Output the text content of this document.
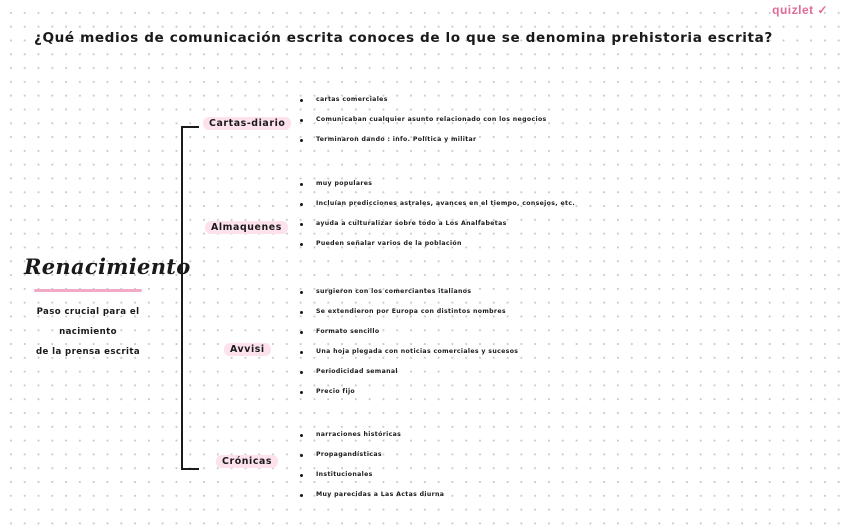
quizlet ✓
¿Qué medios de comunicación escrita conoces de lo que se denomina prehistoria escrita?
Renacimiento
Paso crucial para el
nacimiento
de la prensa escrita
Cartas-diario
cartas comerciales
Comunicaban cualquier asunto relacionado con los negocios
Terminaron dando : info. Política y militar
Almaquenes
muy populares
Incluían predicciones astrales, avances en el tiempo, consejos, etc.
ayuda a culturalizar sobre todo a Los Analfabetas
Pueden señalar varios de la población
Avvisi
surgieron con los comerciantes italianos
Se extendieron por Europa con distintos nombres
Formato sencillo
Una hoja plegada con noticias comerciales y sucesos
Periodicidad semanal
Precio fijo
Crónicas
narraciones históricas
Propagandísticas
Institucionales
Muy parecidas a Las Actas diurna
